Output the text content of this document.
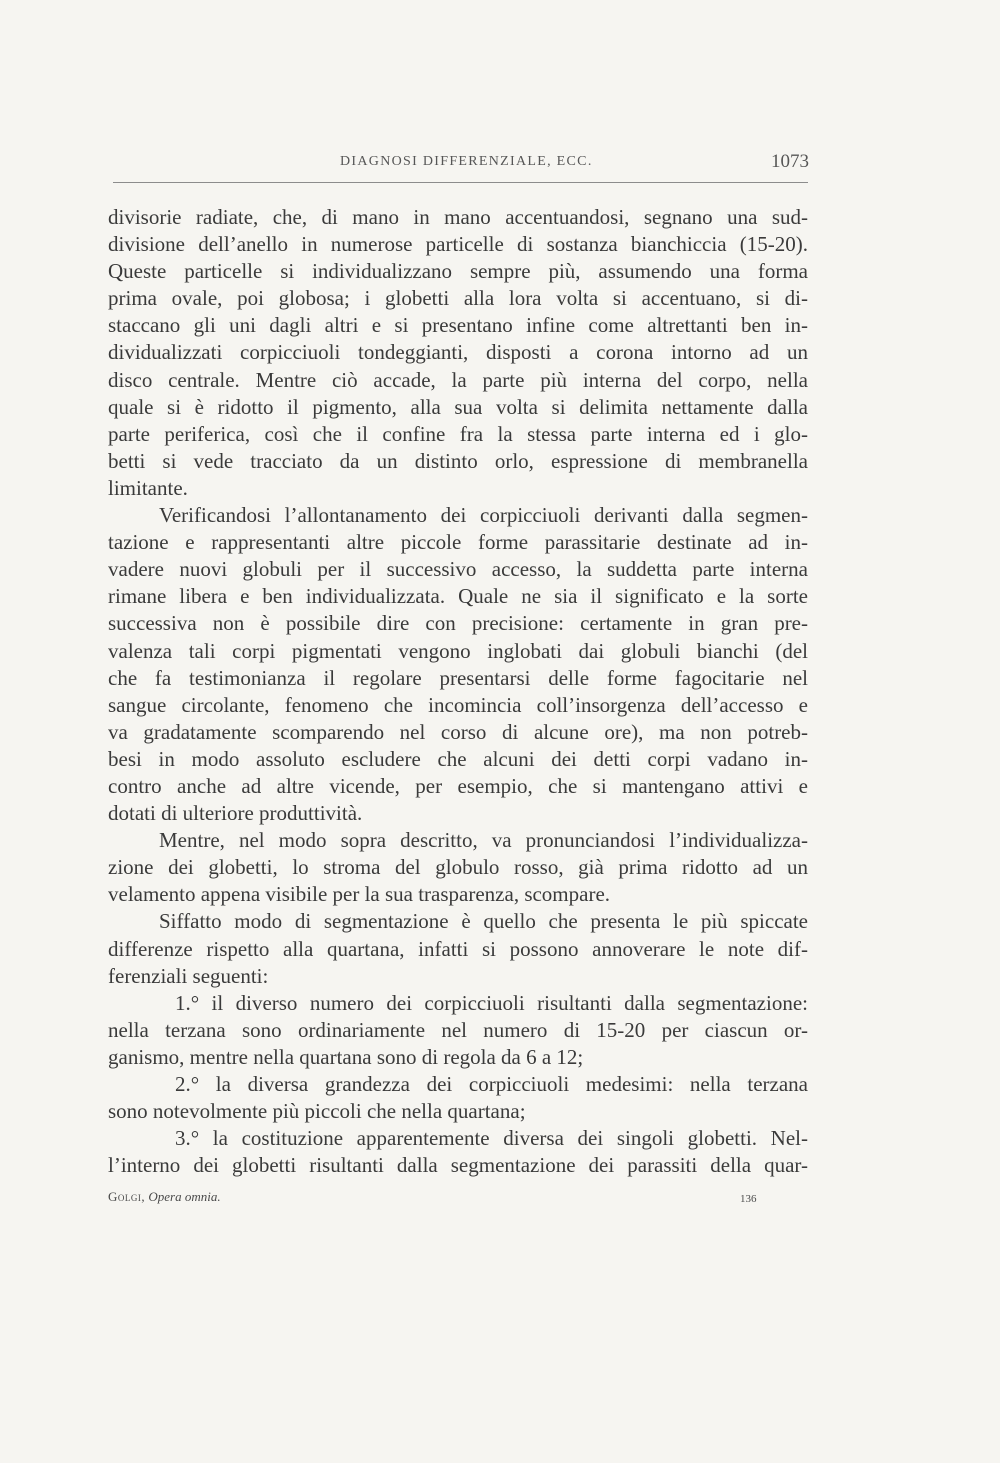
DIAGNOSI DIFFERENZIALE, ECC.	1073
divisorie radiate, che, di mano in mano accentuandosi, segnano una sud-
divisione dell’anello in numerose particelle di sostanza bianchiccia (15-20).
Queste particelle si individualizzano sempre più, assumendo una forma
prima ovale, poi globosa; i globetti alla lora volta si accentuano, si di-
staccano gli uni dagli altri e si presentano infine come altrettanti ben in-
dividualizzati corpicciuoli tondeggianti, disposti a corona intorno ad un
disco centrale. Mentre ciò accade, la parte più interna del corpo, nella
quale si è ridotto il pigmento, alla sua volta si delimita nettamente dalla
parte periferica, così che il confine fra la stessa parte interna ed i glo-
betti si vede tracciato da un distinto orlo, espressione di membranella
limitante.
Verificandosi l’allontanamento dei corpicciuoli derivanti dalla segmen-
tazione e rappresentanti altre piccole forme parassitarie destinate ad in-
vadere nuovi globuli per il successivo accesso, la suddetta parte interna
rimane libera e ben individualizzata. Quale ne sia il significato e la sorte
successiva non è possibile dire con precisione: certamente in gran pre-
valenza tali corpi pigmentati vengono inglobati dai globuli bianchi (del
che fa testimonianza il regolare presentarsi delle forme fagocitarie nel
sangue circolante, fenomeno che incomincia coll’insorgenza dell’accesso e
va gradatamente scomparendo nel corso di alcune ore), ma non potreb-
besi in modo assoluto escludere che alcuni dei detti corpi vadano in-
contro anche ad altre vicende, per esempio, che si mantengano attivi e
dotati di ulteriore produttività.
Mentre, nel modo sopra descritto, va pronunciandosi l’individualizza-
zione dei globetti, lo stroma del globulo rosso, già prima ridotto ad un
velamento appena visibile per la sua trasparenza, scompare.
Siffatto modo di segmentazione è quello che presenta le più spiccate
differenze rispetto alla quartana, infatti si possono annoverare le note dif-
ferenziali seguenti:
1.° il diverso numero dei corpicciuoli risultanti dalla segmentazione:
nella terzana sono ordinariamente nel numero di 15-20 per ciascun or-
ganismo, mentre nella quartana sono di regola da 6 a 12;
2.° la diversa grandezza dei corpicciuoli medesimi: nella terzana
sono notevolmente più piccoli che nella quartana;
3.° la costituzione apparentemente diversa dei singoli globetti. Nel-
l’interno dei globetti risultanti dalla segmentazione dei parassiti della quar-
Golgi, Opera omnia.	136
